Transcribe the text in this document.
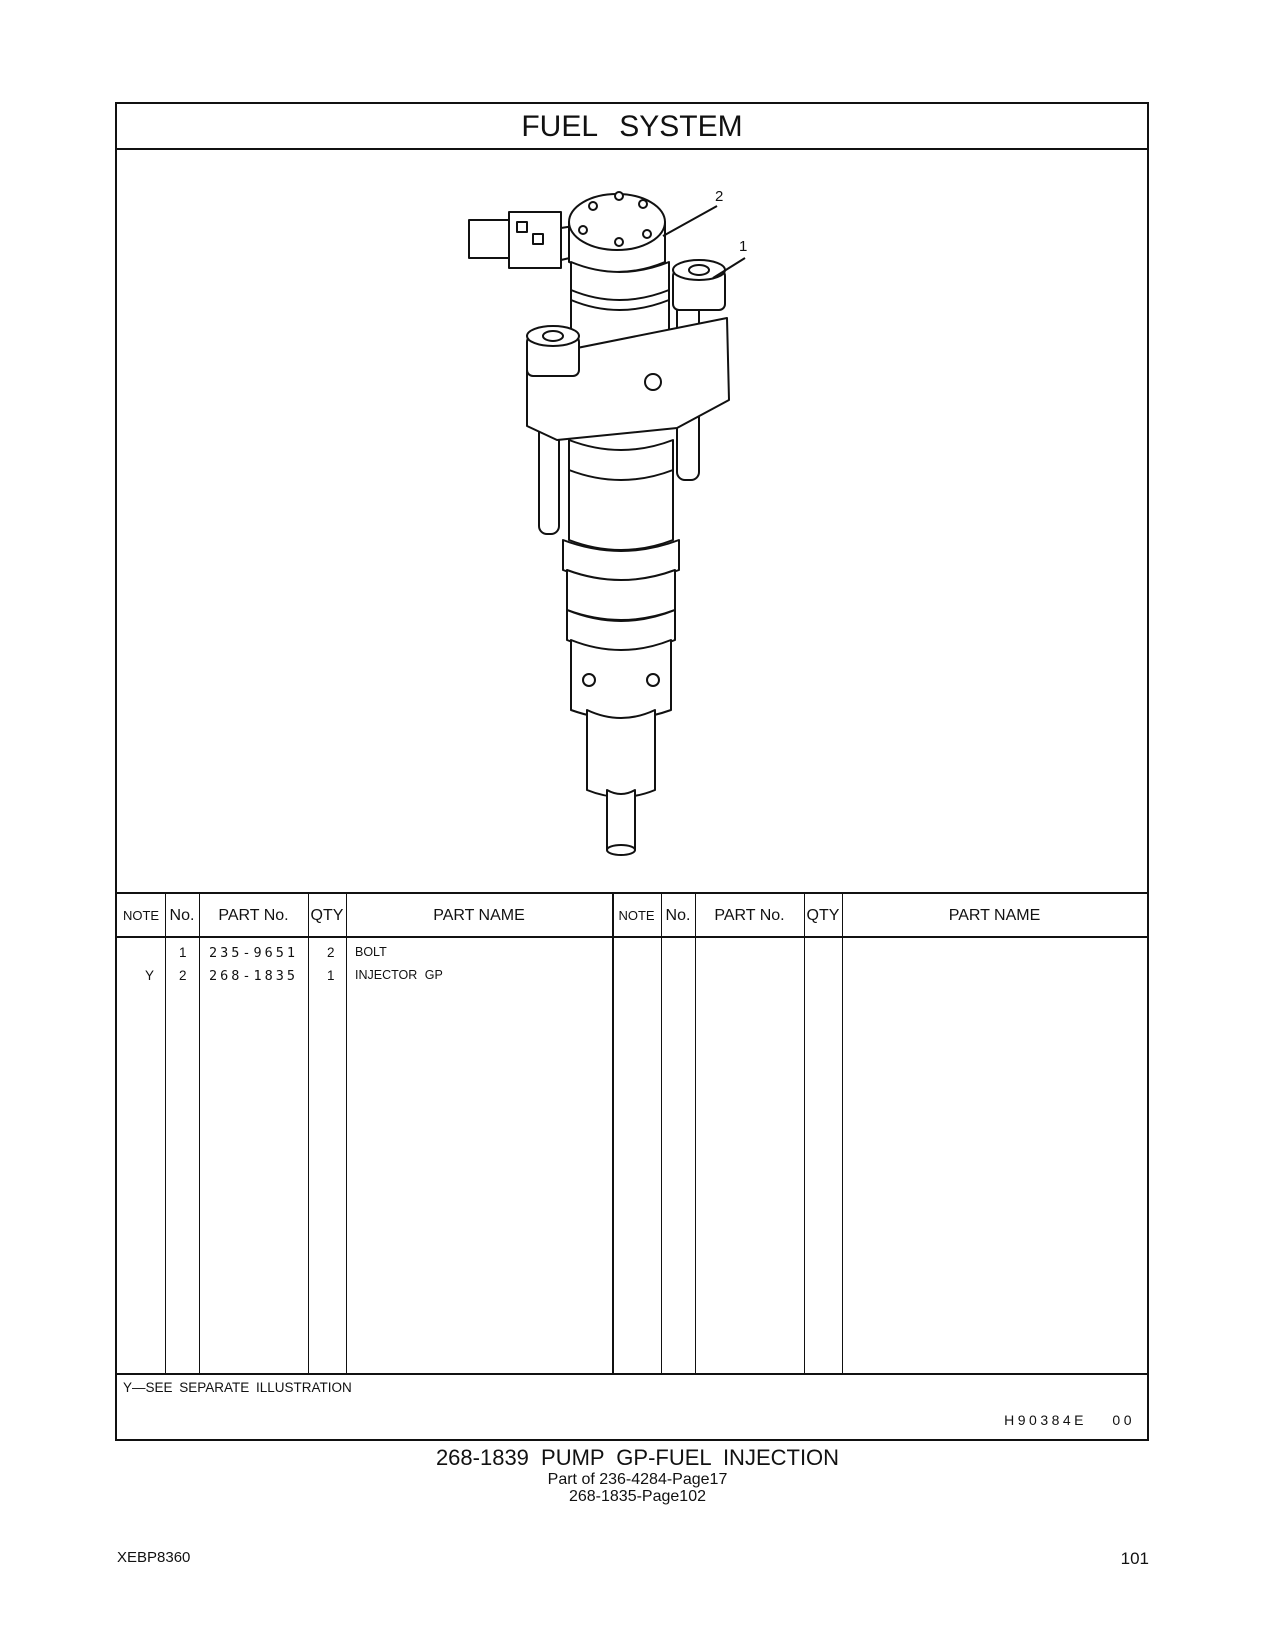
FUEL SYSTEM
2
1
NOTE No.	PART No.	QTY	PART NAME	NOTE No.	PART No.	QTY	PART NAME
1 235-9651 2 BOLT
Y 2 268-1835 1 INJECTOR GP
Y—SEE SEPARATE ILLUSTRATION
H90384E 00
268-1839 PUMP GP-FUEL INJECTION
Part of 236-4284-Page17
268-1835-Page102
XEBP8360	101
